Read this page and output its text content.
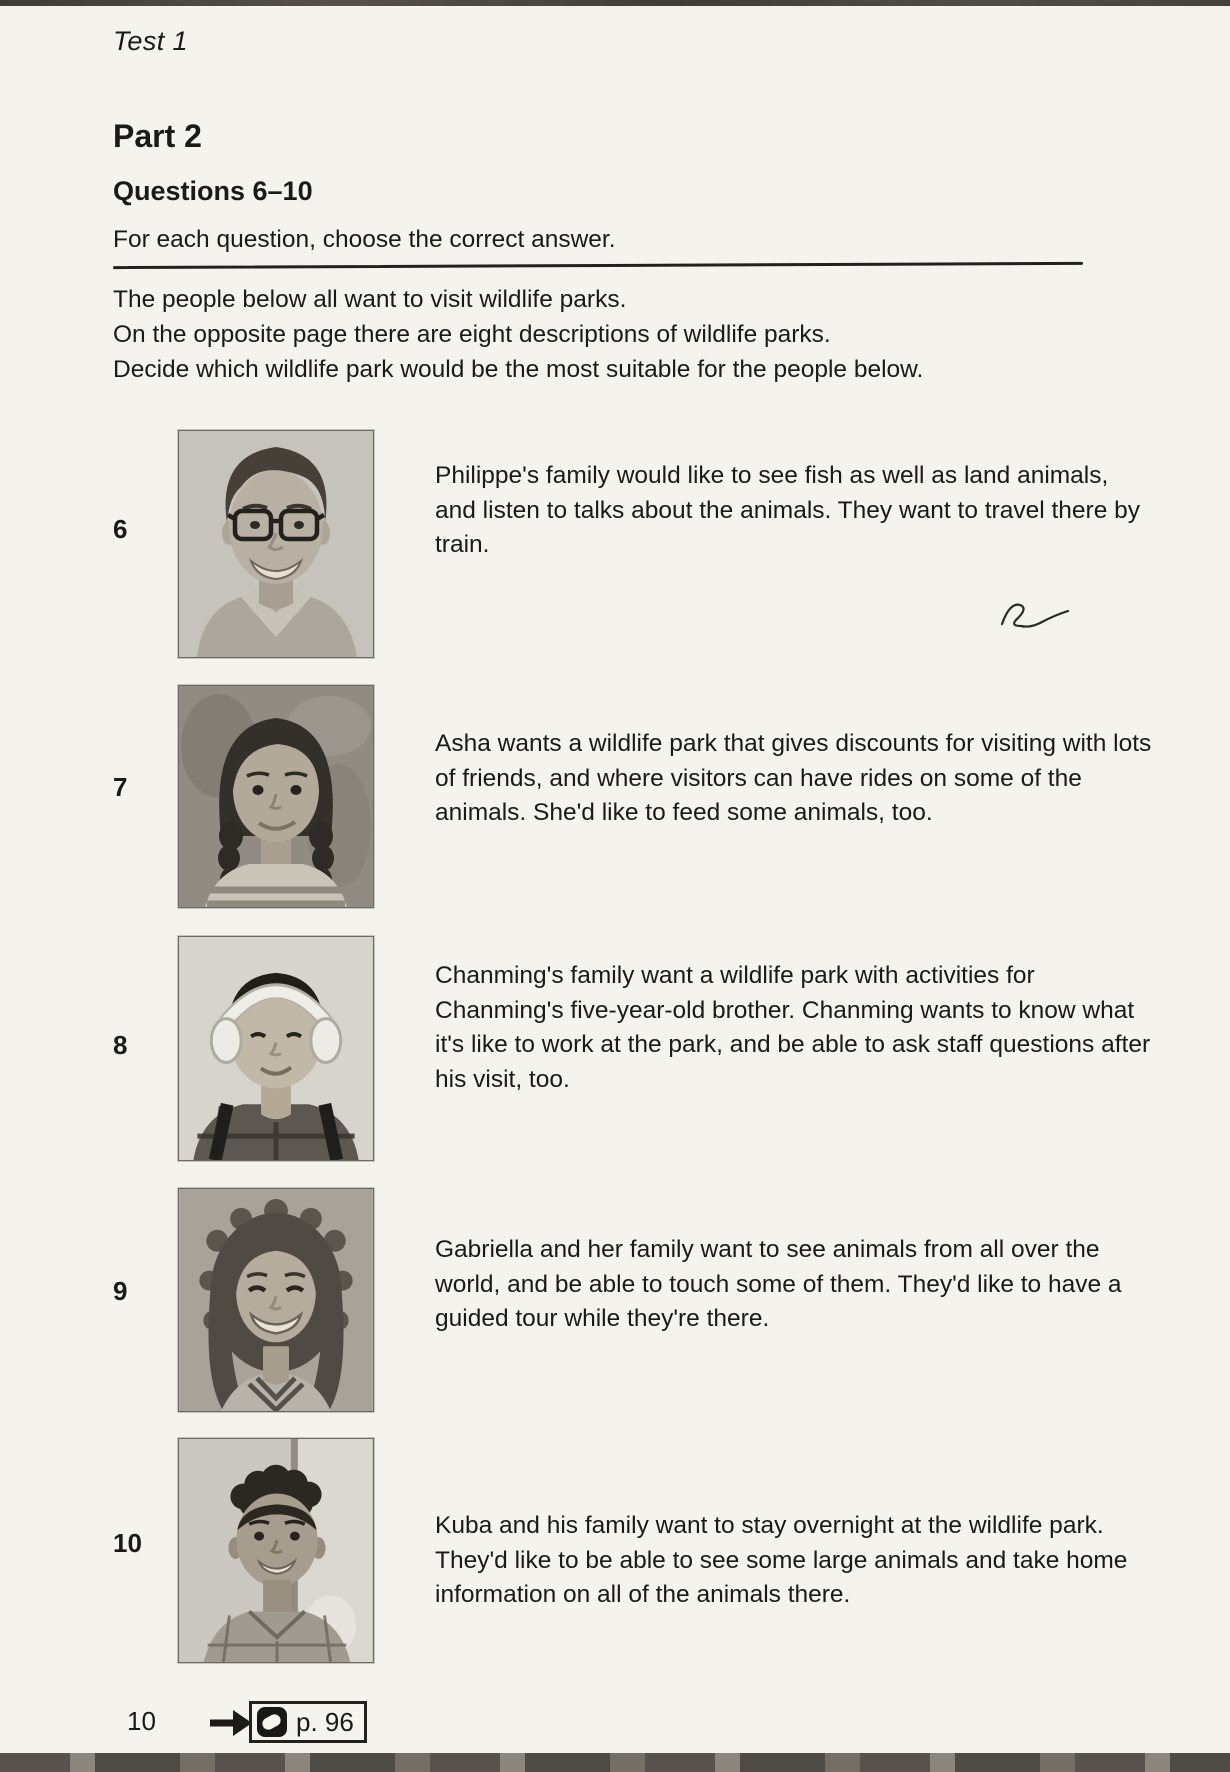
Test 1
Part 2
Questions 6–10
For each question, choose the correct answer.
The people below all want to visit wildlife parks.
On the opposite page there are eight descriptions of wildlife parks.
Decide which wildlife park would be the most suitable for the people below.
6
Philippe's family would like to see fish as well as land animals, and listen to talks about the animals. They want to travel there by train.
7
Asha wants a wildlife park that gives discounts for visiting with lots of friends, and where visitors can have rides on some of the animals. She'd like to feed some animals, too.
8
Chanming's family want a wildlife park with activities for Chanming's five-year-old brother. Chanming wants to know what it's like to work at the park, and be able to ask staff questions after his visit, too.
9
Gabriella and her family want to see animals from all over the world, and be able to touch some of them. They'd like to have a guided tour while they're there.
10
Kuba and his family want to stay overnight at the wildlife park. They'd like to be able to see some large animals and take home information on all of the animals there.
10	p. 96
